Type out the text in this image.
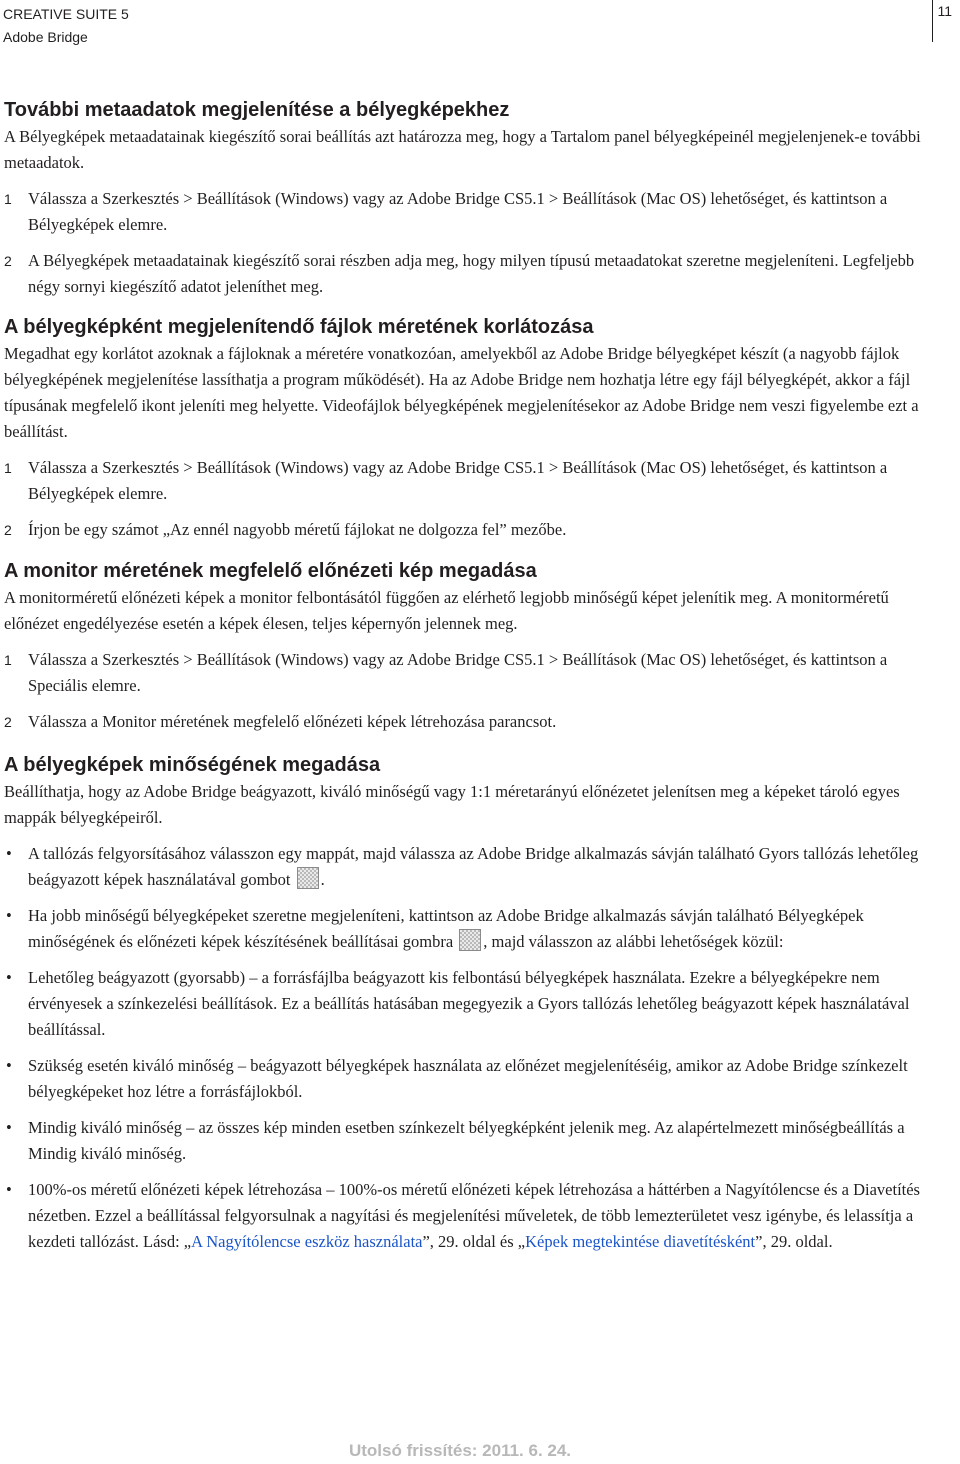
CREATIVE SUITE 5
Adobe Bridge
11
További metaadatok megjelenítése a bélyegképekhez

A Bélyegképek metaadatainak kiegészítő sorai beállítás azt határozza meg, hogy a Tartalom panel bélyegképeinél megjelenjenek-e további metaadatok.

1 Válassza a Szerkesztés > Beállítások (Windows) vagy az Adobe Bridge CS5.1 > Beállítások (Mac OS) lehetőséget, és kattintson a Bélyegképek elemre.
2 A Bélyegképek metaadatainak kiegészítő sorai részben adja meg, hogy milyen típusú metaadatokat szeretne megjeleníteni. Legfeljebb négy sornyi kiegészítő adatot jeleníthet meg.
A bélyegképként megjelenítendő fájlok méretének korlátozása

Megadhat egy korlátot azoknak a fájloknak a méretére vonatkozóan, amelyekből az Adobe Bridge bélyegképet készít (a nagyobb fájlok bélyegképének megjelenítése lassíthatja a program működését). Ha az Adobe Bridge nem hozhatja létre egy fájl bélyegképét, akkor a fájl típusának megfelelő ikont jeleníti meg helyette. Videofájlok bélyegképének megjelenítésekor az Adobe Bridge nem veszi figyelembe ezt a beállítást.

1 Válassza a Szerkesztés > Beállítások (Windows) vagy az Adobe Bridge CS5.1 > Beállítások (Mac OS) lehetőséget, és kattintson a Bélyegképek elemre.
2 Írjon be egy számot „Az ennél nagyobb méretű fájlokat ne dolgozza fel” mezőbe.
A monitor méretének megfelelő előnézeti kép megadása

A monitorméretű előnézeti képek a monitor felbontásától függően az elérhető legjobb minőségű képet jelenítik meg. A monitorméretű előnézet engedélyezése esetén a képek élesen, teljes képernyőn jelennek meg.

1 Válassza a Szerkesztés > Beállítások (Windows) vagy az Adobe Bridge CS5.1 > Beállítások (Mac OS) lehetőséget, és kattintson a Speciális elemre.
2 Válassza a Monitor méretének megfelelő előnézeti képek létrehozása parancsot.
A bélyegképek minőségének megadása

Beállíthatja, hogy az Adobe Bridge beágyazott, kiváló minőségű vagy 1:1 méretarányú előnézetet jelenítsen meg a képeket tároló egyes mappák bélyegképeiről.

• A tallózás felgyorsításához válasszon egy mappát, majd válassza az Adobe Bridge alkalmazás sávján található Gyors tallózás lehetőleg beágyazott képek használatával gombot .
• Ha jobb minőségű bélyegképeket szeretne megjeleníteni, kattintson az Adobe Bridge alkalmazás sávján található Bélyegképek minőségének és előnézeti képek készítésének beállításai gombra , majd válasszon az alábbi lehetőségek közül:
• Lehetőleg beágyazott (gyorsabb) – a forrásfájlba beágyazott kis felbontású bélyegképek használata. Ezekre a bélyegképekre nem érvényesek a színkezelési beállítások. Ez a beállítás hatásában megegyezik a Gyors tallózás lehetőleg beágyazott képek használatával beállítással.
• Szükség esetén kiváló minőség – beágyazott bélyegképek használata az előnézet megjelenítéséig, amikor az Adobe Bridge színkezelt bélyegképeket hoz létre a forrásfájlokból.
• Mindig kiváló minőség – az összes kép minden esetben színkezelt bélyegképként jelenik meg. Az alapértelmezett minőségbeállítás a Mindig kiváló minőség.
• 100%-os méretű előnézeti képek létrehozása – 100%-os méretű előnézeti képek létrehozása a háttérben a Nagyítólencse és a Diavetítés nézetben. Ezzel a beállítással felgyorsulnak a nagyítási és megjelenítési műveletek, de több lemezterületet vesz igénybe, és lelassítja a kezdeti tallózást. Lásd: „A Nagyítólencse eszköz használata”, 29. oldal és „Képek megtekintése diavetítésként”, 29. oldal.
Utolsó frissítés: 2011. 6. 24.
